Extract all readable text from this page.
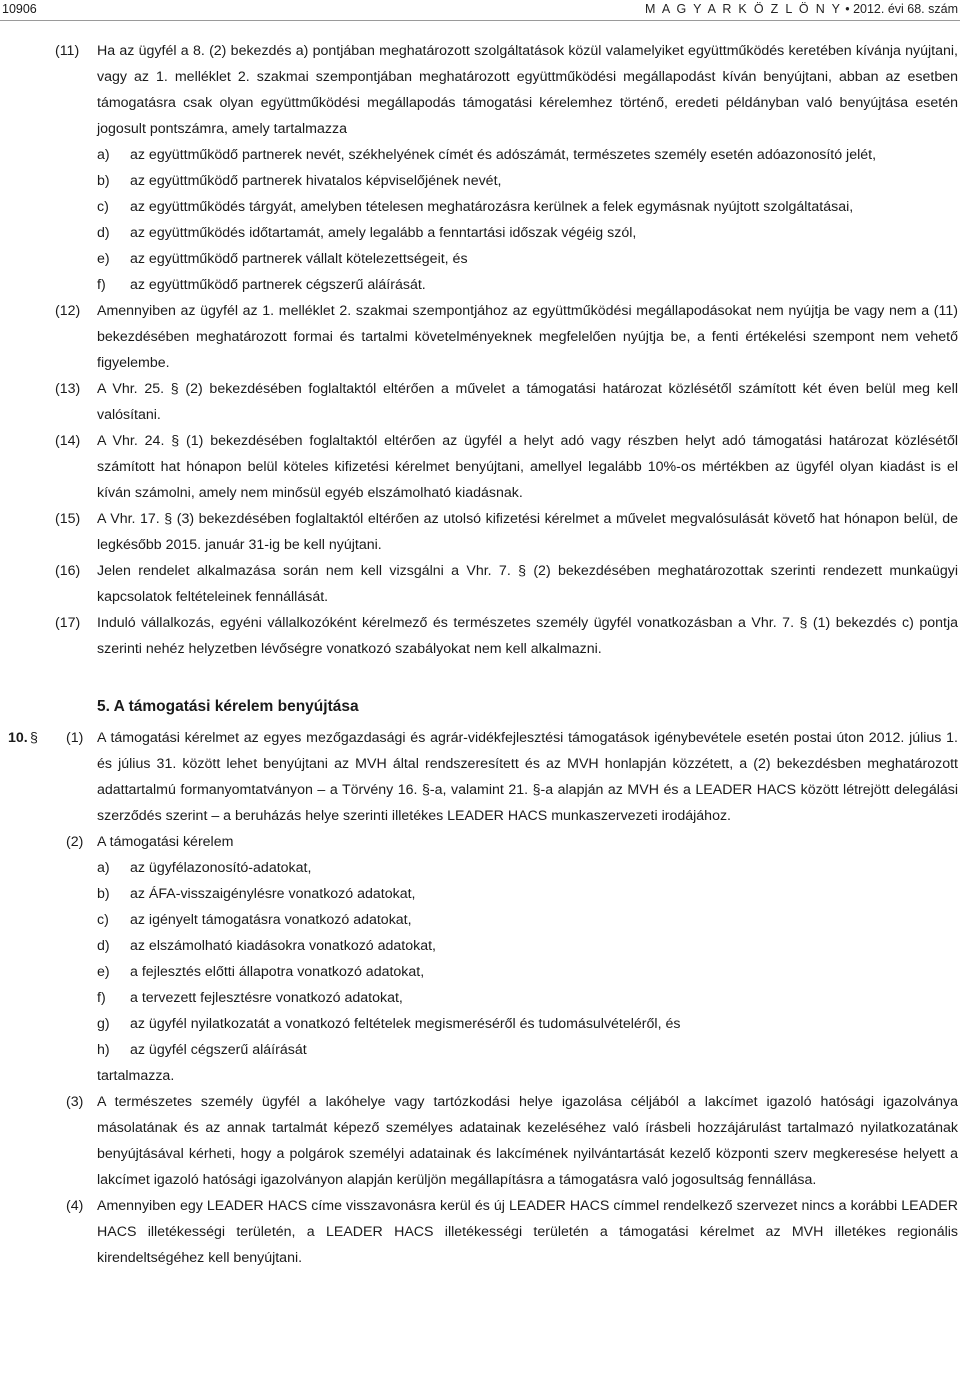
10906	M A G Y A R K Ö Z L Ö N Y • 2012. évi 68. szám
(11) Ha az ügyfél a 8. (2) bekezdés a) pontjában meghatározott szolgáltatások közül valamelyiket együttműködés keretében kívánja nyújtani, vagy az 1. melléklet 2. szakmai szempontjában meghatározott együttműködési megállapodást kíván benyújtani, abban az esetben támogatásra csak olyan együttműködési megállapodás támogatási kérelemhez történő, eredeti példányban való benyújtása esetén jogosult pontszámra, amely tartalmazza
a) az együttműködő partnerek nevét, székhelyének címét és adószámát, természetes személy esetén adóazonosító jelét,
b) az együttműködő partnerek hivatalos képviselőjének nevét,
c) az együttműködés tárgyát, amelyben tételesen meghatározásra kerülnek a felek egymásnak nyújtott szolgáltatásai,
d) az együttműködés időtartamát, amely legalább a fenntartási időszak végéig szól,
e) az együttműködő partnerek vállalt kötelezettségeit, és
f) az együttműködő partnerek cégszerű aláírását.
(12) Amennyiben az ügyfél az 1. melléklet 2. szakmai szempontjához az együttműködési megállapodásokat nem nyújtja be vagy nem a (11) bekezdésében meghatározott formai és tartalmi követelményeknek megfelelően nyújtja be, a fenti értékelési szempont nem vehető figyelembe.
(13) A Vhr. 25. § (2) bekezdésében foglaltaktól eltérően a művelet a támogatási határozat közlésétől számított két éven belül meg kell valósítani.
(14) A Vhr. 24. § (1) bekezdésében foglaltaktól eltérően az ügyfél a helyt adó vagy részben helyt adó támogatási határozat közlésétől számított hat hónapon belül köteles kifizetési kérelmet benyújtani, amellyel legalább 10%-os mértékben az ügyfél olyan kiadást is el kíván számolni, amely nem minősül egyéb elszámolható kiadásnak.
(15) A Vhr. 17. § (3) bekezdésében foglaltaktól eltérően az utolsó kifizetési kérelmet a művelet megvalósulását követő hat hónapon belül, de legkésőbb 2015. január 31-ig be kell nyújtani.
(16) Jelen rendelet alkalmazása során nem kell vizsgálni a Vhr. 7. § (2) bekezdésében meghatározottak szerinti rendezett munkaügyi kapcsolatok feltételeinek fennállását.
(17) Induló vállalkozás, egyéni vállalkozóként kérelmező és természetes személy ügyfél vonatkozásban a Vhr. 7. § (1) bekezdés c) pontja szerinti nehéz helyzetben lévőségre vonatkozó szabályokat nem kell alkalmazni.
5. A támogatási kérelem benyújtása
10. § (1) A támogatási kérelmet az egyes mezőgazdasági és agrár-vidékfejlesztési támogatások igénybevétele esetén postai úton 2012. július 1. és július 31. között lehet benyújtani az MVH által rendszeresített és az MVH honlapján közzétett, a (2) bekezdésben meghatározott adattartalmú formanyomtatványon – a Törvény 16. §-a, valamint 21. §-a alapján az MVH és a LEADER HACS között létrejött delegálási szerződés szerint – a beruházás helye szerinti illetékes LEADER HACS munkaszervezeti irodájához.
(2) A támogatási kérelem
a) az ügyfélazonosító-adatokat,
b) az ÁFA-visszaigénylésre vonatkozó adatokat,
c) az igényelt támogatásra vonatkozó adatokat,
d) az elszámolható kiadásokra vonatkozó adatokat,
e) a fejlesztés előtti állapotra vonatkozó adatokat,
f) a tervezett fejlesztésre vonatkozó adatokat,
g) az ügyfél nyilatkozatát a vonatkozó feltételek megismeréséről és tudomásulvételéről, és
h) az ügyfél cégszerű aláírását
tartalmazza.
(3) A természetes személy ügyfél a lakóhelye vagy tartózkodási helye igazolása céljából a lakcímet igazoló hatósági igazolványa másolatának és az annak tartalmát képező személyes adatainak kezeléséhez való írásbeli hozzájárulást tartalmazó nyilatkozatának benyújtásával kérheti, hogy a polgárok személyi adatainak és lakcímének nyilvántartását kezelő központi szerv megkeresése helyett a lakcímet igazoló hatósági igazolványon alapján kerüljön megállapításra a támogatásra való jogosultság fennállása.
(4) Amennyiben egy LEADER HACS címe visszavonásra kerül és új LEADER HACS címmel rendelkező szervezet nincs a korábbi LEADER HACS illetékességi területén, a LEADER HACS illetékességi területén a támogatási kérelmet az MVH illetékes regionális kirendeltségéhez kell benyújtani.
